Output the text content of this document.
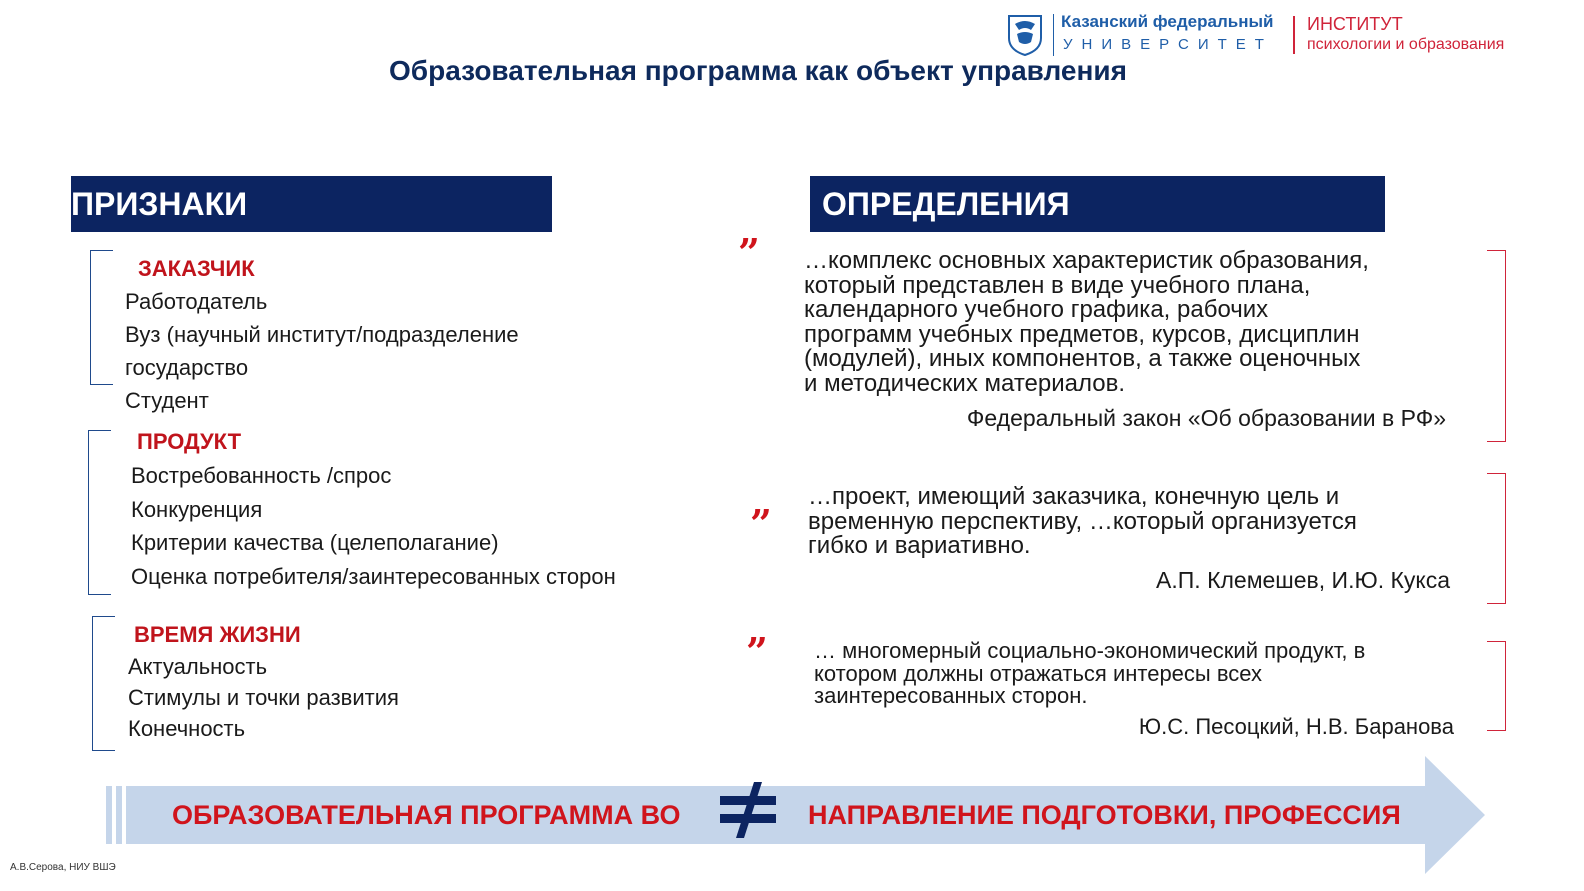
Казанский федеральный
УНИВЕРСИТЕТ
ИНСТИТУТ
психологии и образования
Образовательная программа как объект управления
ПРИЗНАКИ	ОПРЕДЕЛЕНИЯ
ЗАКАЗЧИК
Работодатель
Вуз (научный институт/подразделение
государство
Студент
ПРОДУКТ
Востребованность /спрос
Конкуренция
Критерии качества (целеполагание)
Оценка потребителя/заинтересованных сторон
ВРЕМЯ ЖИЗНИ
Актуальность
Стимулы и точки развития
Конечность
”
”
”
…комплекс основных характеристик образования,
который представлен в виде учебного плана,
календарного учебного графика, рабочих
программ учебных предметов, курсов, дисциплин
(модулей), иных компонентов, а также оценочных
и методических материалов.
Федеральный закон «Об образовании в РФ»
…проект, имеющий заказчика, конечную цель и
временную перспективу, …который организуется
гибко и вариативно.
А.П. Клемешев, И.Ю. Кукса
… многомерный социально-экономический продукт, в
котором должны отражаться интересы всех
заинтересованных сторон.
Ю.С. Песоцкий, Н.В. Баранова
ОБРАЗОВАТЕЛЬНАЯ ПРОГРАММА ВО	НАПРАВЛЕНИЕ ПОДГОТОВКИ, ПРОФЕССИЯ
А.В.Серова, НИУ ВШЭ
